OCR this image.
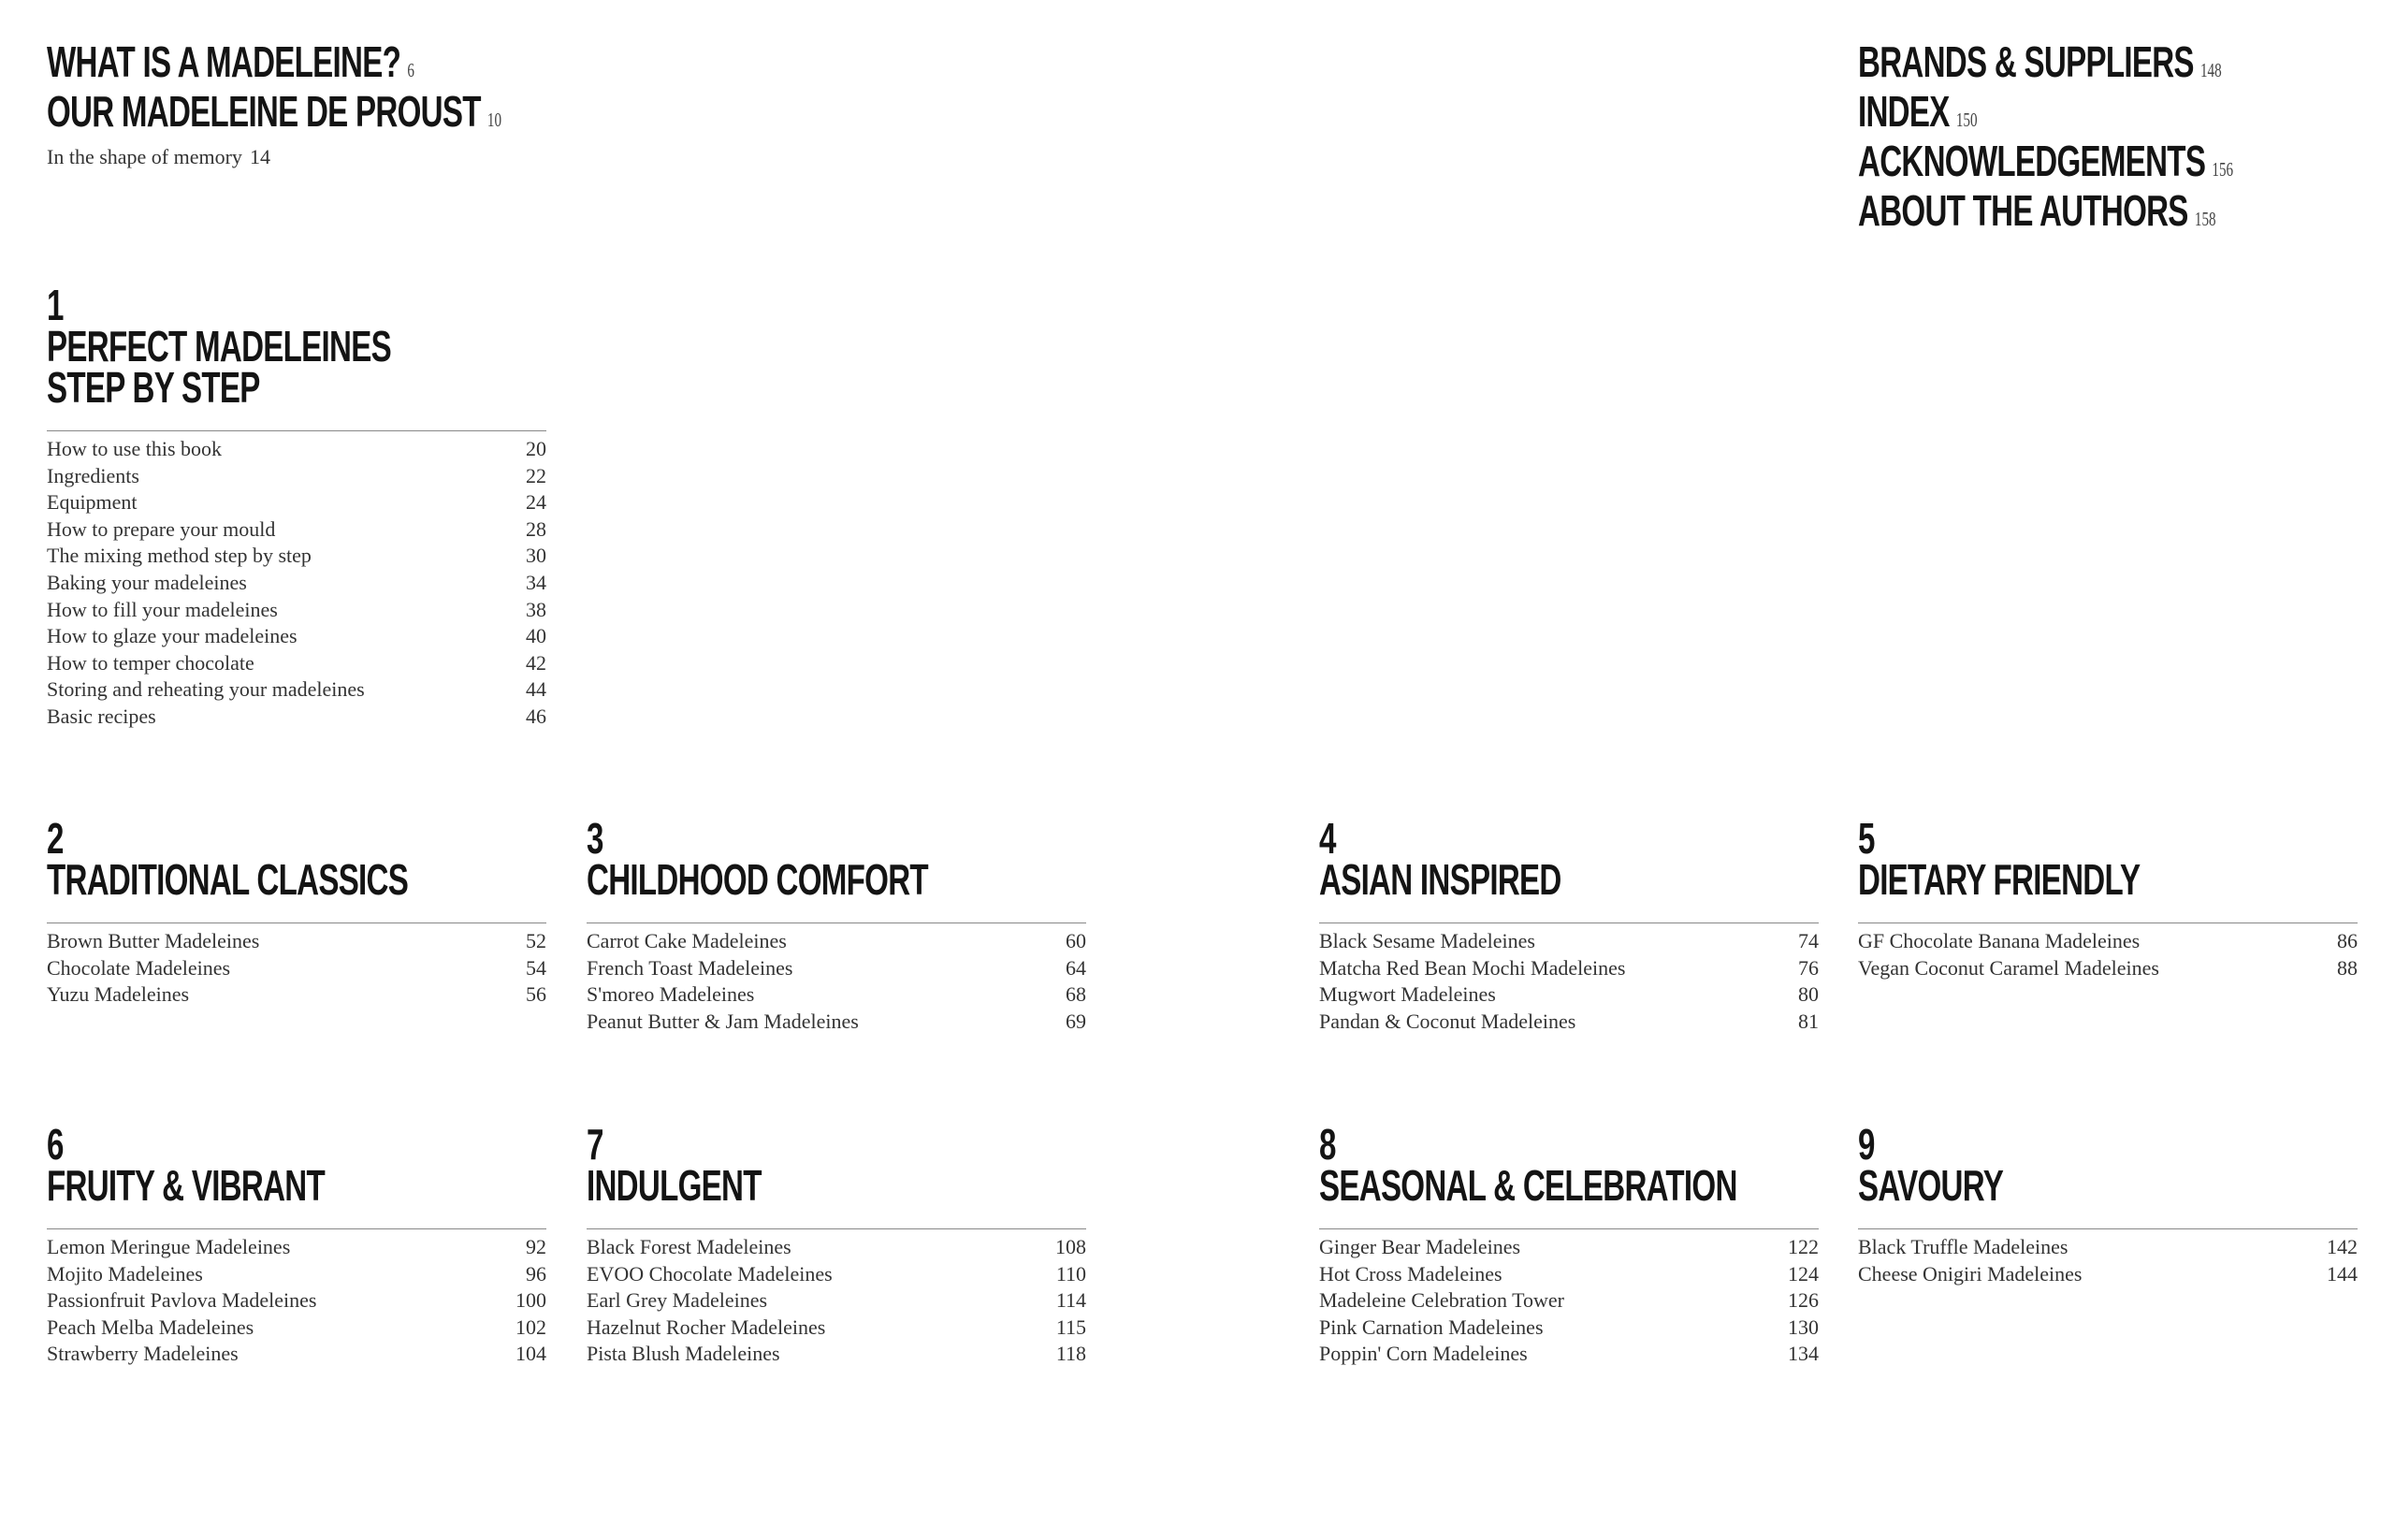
WHAT IS A MADELEINE? 6
OUR MADELEINE DE PROUST 10
In the shape of memory 14
BRANDS & SUPPLIERS 148
INDEX 150
ACKNOWLEDGEMENTS 156
ABOUT THE AUTHORS 158
1
PERFECT MADELEINES
STEP BY STEP
How to use this book	20
Ingredients	22
Equipment	24
How to prepare your mould	28
The mixing method step by step	30
Baking your madeleines	34
How to fill your madeleines	38
How to glaze your madeleines	40
How to temper chocolate	42
Storing and reheating your madeleines	44
Basic recipes	46
2
TRADITIONAL CLASSICS
Brown Butter Madeleines	52
Chocolate Madeleines	54
Yuzu Madeleines	56
3
CHILDHOOD COMFORT
Carrot Cake Madeleines	60
French Toast Madeleines	64
S'moreo Madeleines	68
Peanut Butter & Jam Madeleines	69
4
ASIAN INSPIRED
Black Sesame Madeleines	74
Matcha Red Bean Mochi Madeleines	76
Mugwort Madeleines	80
Pandan & Coconut Madeleines	81
5
DIETARY FRIENDLY
GF Chocolate Banana Madeleines	86
Vegan Coconut Caramel Madeleines	88
6
FRUITY & VIBRANT
Lemon Meringue Madeleines	92
Mojito Madeleines	96
Passionfruit Pavlova Madeleines	100
Peach Melba Madeleines	102
Strawberry Madeleines	104
7
INDULGENT
Black Forest Madeleines	108
EVOO Chocolate Madeleines	110
Earl Grey Madeleines	114
Hazelnut Rocher Madeleines	115
Pista Blush Madeleines	118
8
SEASONAL & CELEBRATION
Ginger Bear Madeleines	122
Hot Cross Madeleines	124
Madeleine Celebration Tower	126
Pink Carnation Madeleines	130
Poppin' Corn Madeleines	134
9
SAVOURY
Black Truffle Madeleines	142
Cheese Onigiri Madeleines	144
